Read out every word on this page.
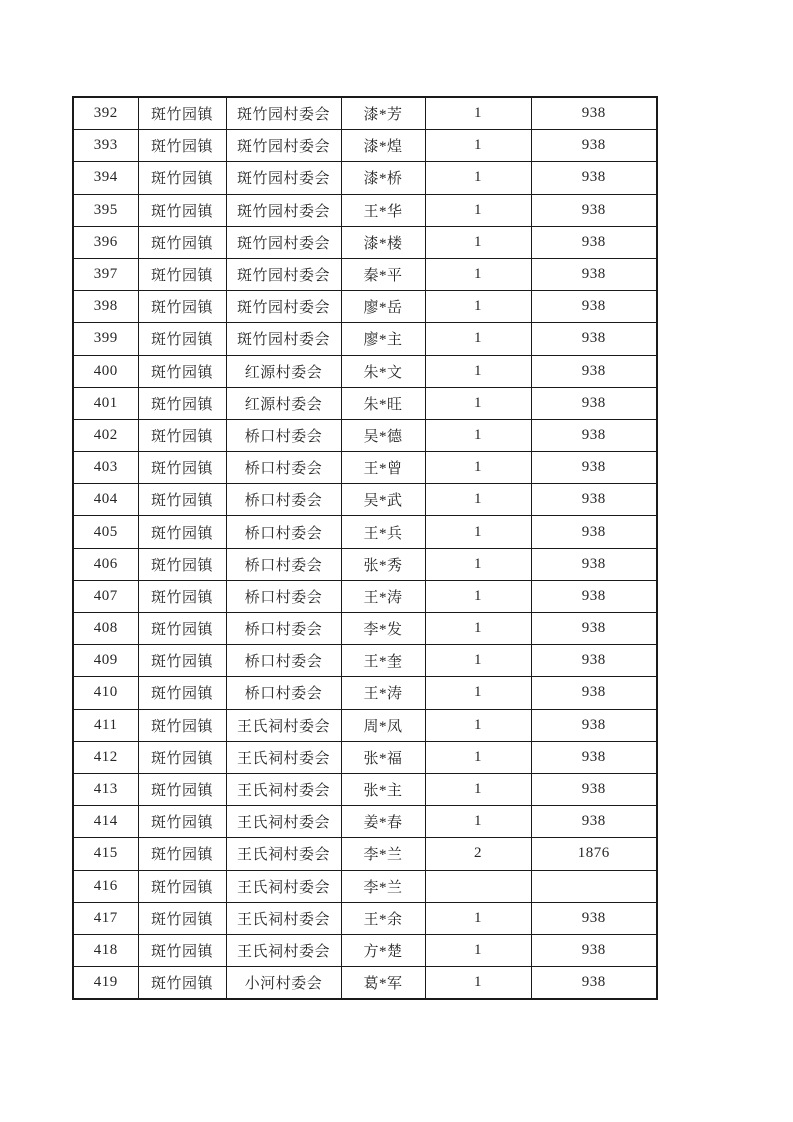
392	斑竹园镇	斑竹园村委会	漆*芳	1	938
393	斑竹园镇	斑竹园村委会	漆*煌	1	938
394	斑竹园镇	斑竹园村委会	漆*桥	1	938
395	斑竹园镇	斑竹园村委会	王*华	1	938
396	斑竹园镇	斑竹园村委会	漆*楼	1	938
397	斑竹园镇	斑竹园村委会	秦*平	1	938
398	斑竹园镇	斑竹园村委会	廖*岳	1	938
399	斑竹园镇	斑竹园村委会	廖*主	1	938
400	斑竹园镇	红源村委会	朱*文	1	938
401	斑竹园镇	红源村委会	朱*旺	1	938
402	斑竹园镇	桥口村委会	吴*德	1	938
403	斑竹园镇	桥口村委会	王*曾	1	938
404	斑竹园镇	桥口村委会	吴*武	1	938
405	斑竹园镇	桥口村委会	王*兵	1	938
406	斑竹园镇	桥口村委会	张*秀	1	938
407	斑竹园镇	桥口村委会	王*涛	1	938
408	斑竹园镇	桥口村委会	李*发	1	938
409	斑竹园镇	桥口村委会	王*奎	1	938
410	斑竹园镇	桥口村委会	王*涛	1	938
411	斑竹园镇	王氏祠村委会	周*凤	1	938
412	斑竹园镇	王氏祠村委会	张*福	1	938
413	斑竹园镇	王氏祠村委会	张*主	1	938
414	斑竹园镇	王氏祠村委会	姜*春	1	938
415	斑竹园镇	王氏祠村委会	李*兰	2	1876
416	斑竹园镇	王氏祠村委会	李*兰		
417	斑竹园镇	王氏祠村委会	王*余	1	938
418	斑竹园镇	王氏祠村委会	方*楚	1	938
419	斑竹园镇	小河村委会	葛*军	1	938
